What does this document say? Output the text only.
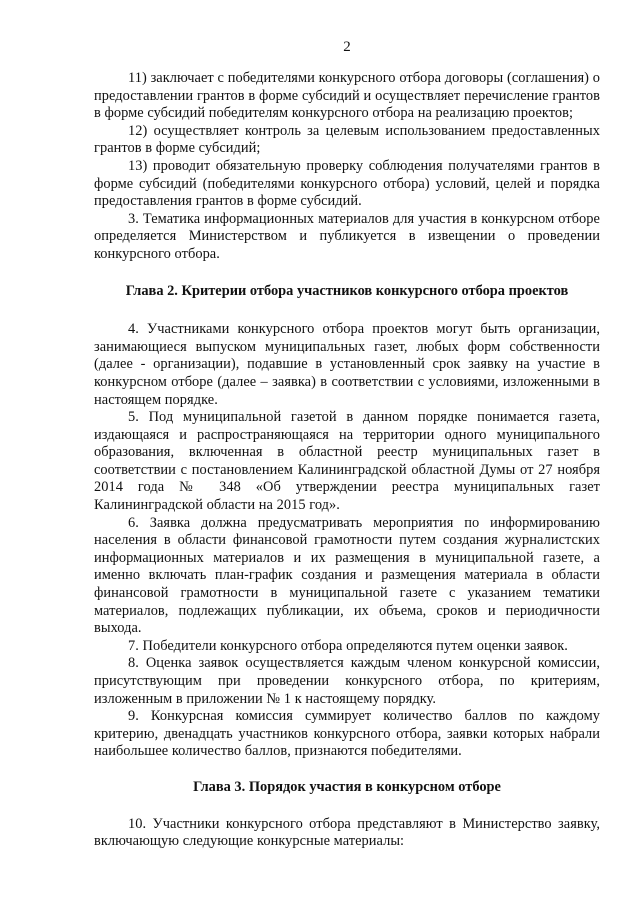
2

11) заключает с победителями конкурсного отбора договоры (соглашения) о предоставлении грантов в форме субсидий и осуществляет перечисление грантов в форме субсидий победителям конкурсного отбора на реализацию проектов;

12) осуществляет контроль за целевым использованием предоставленных грантов в форме субсидий;

13) проводит обязательную проверку соблюдения получателями грантов в форме субсидий (победителями конкурсного отбора) условий, целей и порядка предоставления грантов в форме субсидий.

3. Тематика информационных материалов для участия в конкурсном отборе определяется Министерством и публикуется в извещении о проведении конкурсного отбора.

Глава 2. Критерии отбора участников конкурсного отбора проектов

4. Участниками конкурсного отбора проектов могут быть организации, занимающиеся выпуском муниципальных газет, любых форм собственности (далее - организации), подавшие в установленный срок заявку на участие в конкурсном отборе (далее – заявка) в соответствии с условиями, изложенными в настоящем порядке.

5. Под муниципальной газетой в данном порядке понимается газета, издающаяся и распространяющаяся на территории одного муниципального образования, включенная в областной реестр муниципальных газет в соответствии с постановлением Калининградской областной Думы от 27 ноября 2014 года № 348 «Об утверждении реестра муниципальных газет Калининградской области на 2015 год».

6. Заявка должна предусматривать мероприятия по информированию населения в области финансовой грамотности путем создания журналистских информационных материалов и их размещения в муниципальной газете, а именно включать план-график создания и размещения материала в области финансовой грамотности в муниципальной газете с указанием тематики материалов, подлежащих публикации, их объема, сроков и периодичности выхода.

7. Победители конкурсного отбора определяются путем оценки заявок.

8. Оценка заявок осуществляется каждым членом конкурсной комиссии, присутствующим при проведении конкурсного отбора, по критериям, изложенным в приложении № 1 к настоящему порядку.

9. Конкурсная комиссия суммирует количество баллов по каждому критерию, двенадцать участников конкурсного отбора, заявки которых набрали наибольшее количество баллов, признаются победителями.

Глава 3. Порядок участия в конкурсном отборе

10. Участники конкурсного отбора представляют в Министерство заявку, включающую следующие конкурсные материалы:
